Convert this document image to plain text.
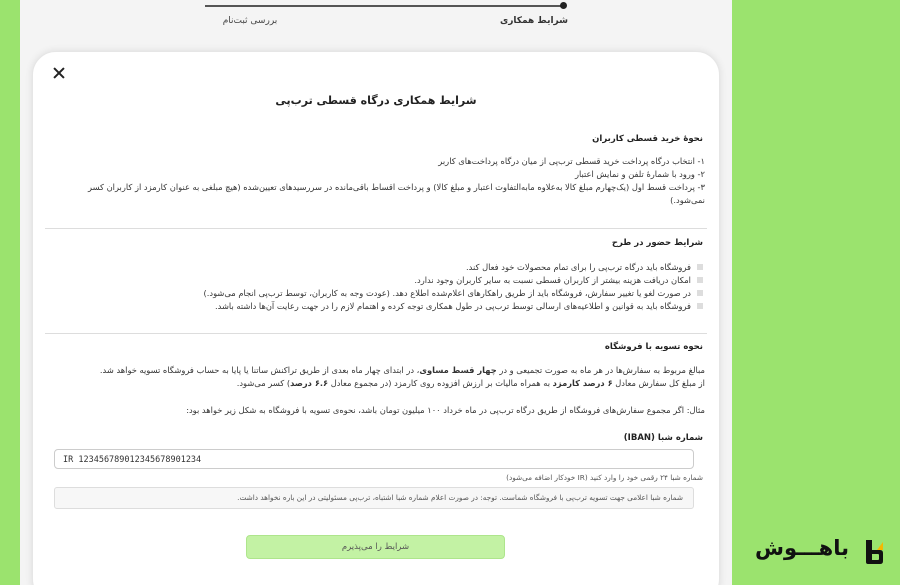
شرایط همکاری
بررسی ثبت‌نام
شرایط همکاری درگاه قسطی ترب‌پی
نحوهٔ خرید قسطی کاربران

۱- انتخاب درگاه پرداخت خرید قسطی ترب‌پی از میان درگاه پرداخت‌های کاربر

۲- ورود با شمارهٔ تلفن و نمایش اعتبار

۳- پرداخت قسط اول (یک‌چهارم مبلغ کالا به‌علاوه مابه‌التفاوت اعتبار و مبلغ کالا) و پرداخت اقساط باقی‌مانده در سررسیدهای تعیین‌شده (هیچ مبلغی به عنوان کارمزد از کاربران کسر نمی‌شود.)

شرایط حضور در طرح
فروشگاه باید درگاه ترب‌پی را برای تمام محصولات خود فعال کند.
امکان دریافت هزینه بیشتر از کاربران قسطی نسبت به سایر کاربران وجود ندارد.
در صورت لغو یا تغییر سفارش، فروشگاه باید از طریق راهکارهای اعلام‌شده اطلاع دهد. (عودت وجه به کاربران، توسط ترب‌پی انجام می‌شود.)
فروشگاه باید به قوانین و اطلاعیه‌های ارسالی توسط ترب‌پی در طول همکاری توجه کرده و اهتمام لازم را در جهت رعایت آن‌ها داشته باشد.
نحوه تسویه با فروشگاه

مبالغ مربوط به سفارش‌ها در هر ماه به صورت تجمیعی و در چهار قسط مساوی، در ابتدای چهار ماه بعدی از طریق تراکنش ساتنا یا پایا به حساب فروشگاه تسویه خواهد شد.

از مبلغ کل سفارش معادل ۶ درصد کارمزد به همراه مالیات بر ارزش افزوده روی کارمزد (در مجموع معادل ۶.۶ درصد) کسر می‌شود.

مثال: اگر مجموع سفارش‌های فروشگاه از طریق درگاه ترب‌پی در ماه خرداد ۱۰۰ میلیون تومان باشد، نحوه‌ی تسویه با فروشگاه به شکل زیر خواهد بود:
شماره شبا (IBAN)
IR 123456789012345678901234
شماره شبا ۲۴ رقمی خود را وارد کنید (IR خودکار اضافه می‌شود)
شماره شبا اعلامی جهت تسویه ترب‌پی با فروشگاه شماست. توجه: در صورت اعلام شماره شبا اشتباه، ترب‌پی مسئولیتی در این باره نخواهد داشت.
شرایط را می‌پذیرم	باهـــوش
